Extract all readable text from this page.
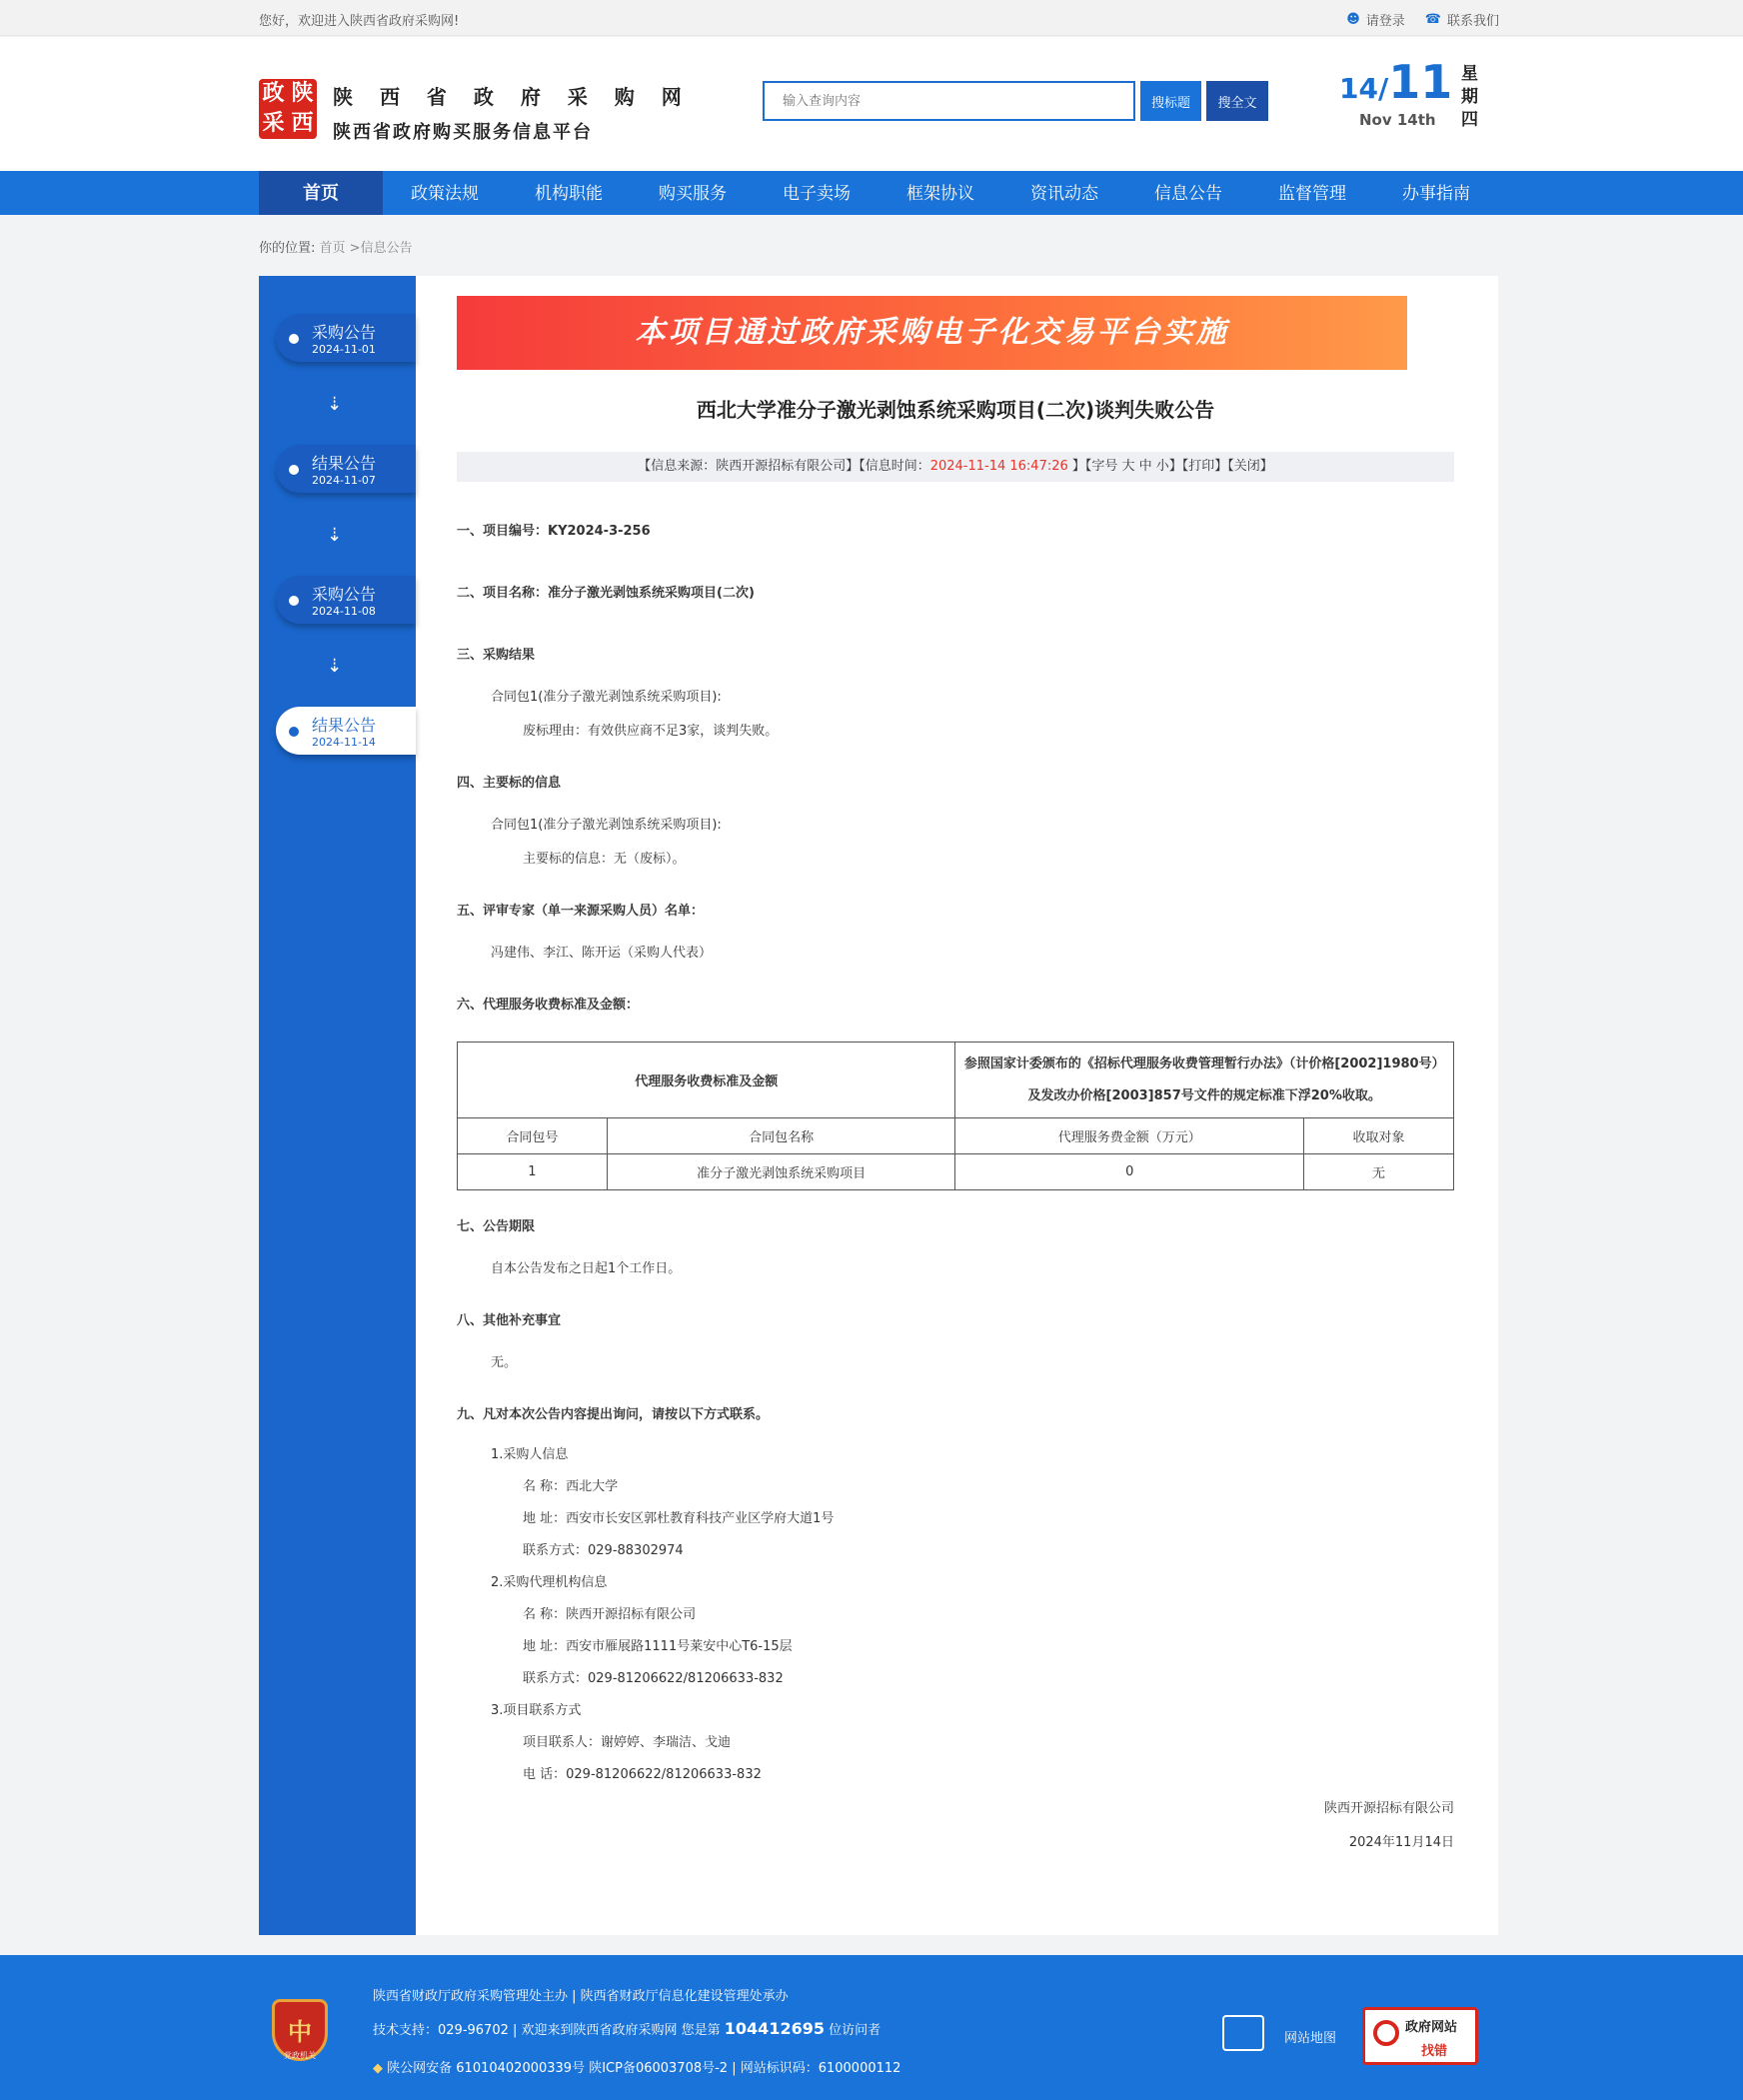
您好，欢迎进入陕西省政府采购网!	☻ 请登录 ☎ 联系我们
政 陕
采 西
陕 西 省 政 府 采 购 网
陕西省政府购买服务信息平台
输入查询内容
搜标题	搜全文	14/11
Nov 14th
星期四
首页	政策法规	机构职能	购买服务	电子卖场	框架协议	资讯动态	信息公告	监督管理	办事指南
你的位置: 首页 >信息公告
采购公告
2024-11-01
⇣
结果公告
2024-11-07
⇣
采购公告
2024-11-08
⇣
结果公告
2024-11-14
本项目通过政府采购电子化交易平台实施
西北大学准分子激光剥蚀系统采购项目(二次)谈判失败公告
【信息来源：陕西开源招标有限公司】【信息时间：2024-11-14 16:47:26 】【字号 大 中 小】【打印】【关闭】
一、项目编号：KY2024-3-256
二、项目名称：准分子激光剥蚀系统采购项目(二次)
三、采购结果
合同包1(准分子激光剥蚀系统采购项目):
废标理由：有效供应商不足3家，谈判失败。
四、主要标的信息
合同包1(准分子激光剥蚀系统采购项目):
主要标的信息：无（废标）。
五、评审专家（单一来源采购人员）名单：
冯建伟、李江、陈开运（采购人代表）
六、代理服务收费标准及金额：
代理服务收费标准及金额		参照国家计委颁布的《招标代理服务收费管理暂行办法》（计价格[2002]1980号）及发改办价格[2003]857号文件的规定标准下浮20%收取。	
合同包号	合同包名称	代理服务费金额（万元）	收取对象
1	准分子激光剥蚀系统采购项目	0	无
七、公告期限
自本公告发布之日起1个工作日。
八、其他补充事宜
无。
九、凡对本次公告内容提出询问，请按以下方式联系。
1.采购人信息
名 称：西北大学
地 址：西安市长安区郭杜教育科技产业区学府大道1号
联系方式：029-88302974
2.采购代理机构信息
名 称：陕西开源招标有限公司
地 址：西安市雁展路1111号莱安中心T6-15层
联系方式：029-81206622/81206633-832
3.项目联系方式
项目联系人：谢婷婷、李瑞洁、戈迪
电 话：029-81206622/81206633-832
陕西开源招标有限公司
2024年11月14日
中
党政机关
陕西省财政厅政府采购管理处主办 | 陕西省财政厅信息化建设管理处承办
技术支持：029-96702 | 欢迎来到陕西省政府采购网 您是第 104412695 位访问者
◆ 陕公网安备 61010402000339号 陕ICP备06003708号-2 | 网站标识码：6100000112
网站地图
政府网站
找错
